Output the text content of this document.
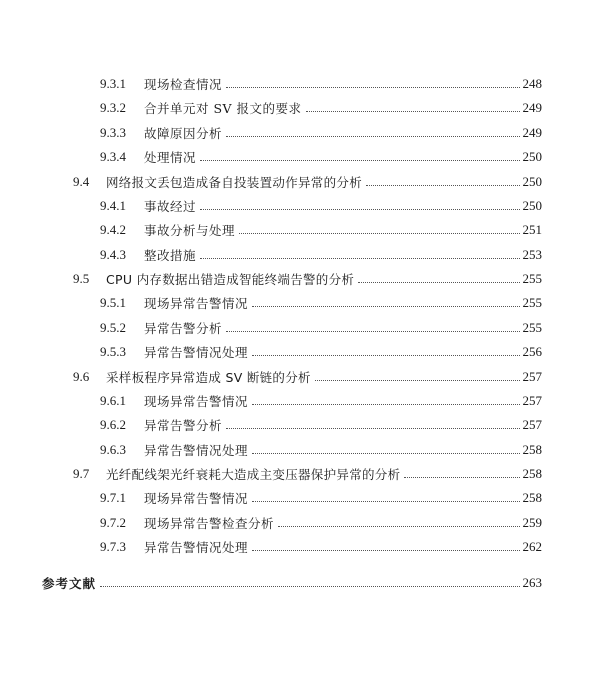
9.3.1	现场检查情况	248
9.3.2	合并单元对 SV 报文的要求	249
9.3.3	故障原因分析	249
9.3.4	处理情况	250
9.4	网络报文丢包造成备自投装置动作异常的分析	250
9.4.1	事故经过	250
9.4.2	事故分析与处理	251
9.4.3	整改措施	253
9.5	CPU 内存数据出错造成智能终端告警的分析	255
9.5.1	现场异常告警情况	255
9.5.2	异常告警分析	255
9.5.3	异常告警情况处理	256
9.6	采样板程序异常造成 SV 断链的分析	257
9.6.1	现场异常告警情况	257
9.6.2	异常告警分析	257
9.6.3	异常告警情况处理	258
9.7	光纤配线架光纤衰耗大造成主变压器保护异常的分析	258
9.7.1	现场异常告警情况	258
9.7.2	现场异常告警检查分析	259
9.7.3	异常告警情况处理	262
参考文献	263
